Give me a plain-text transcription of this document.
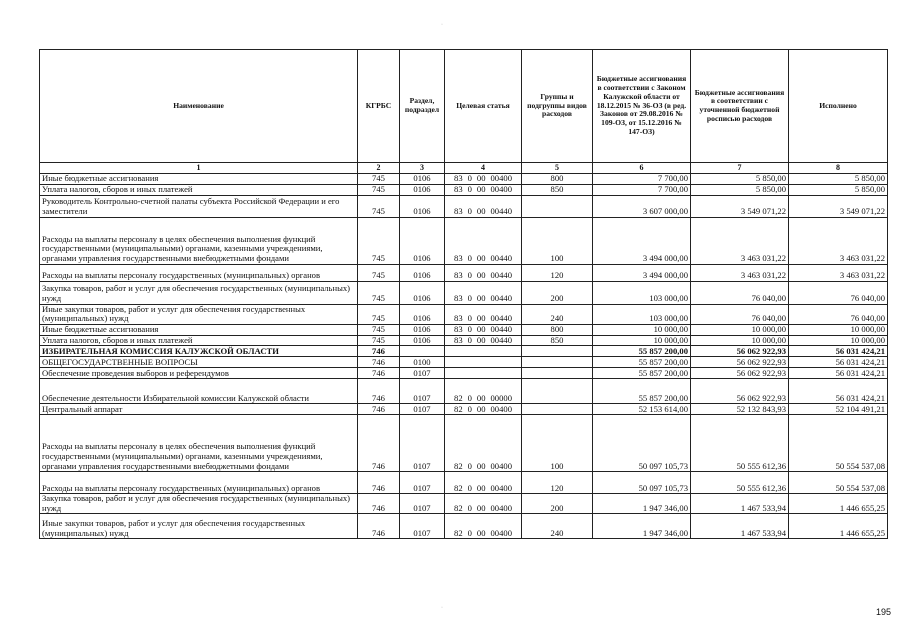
·
·
Наименование	КГРБС	Раздел, подраздел	Целевая статья	Группы и подгруппы видов расходов	Бюджетные ассигнования в соответствии с Законом Калужской области от 18.12.2015 № 36-ОЗ (в ред. Законов от 29.08.2016 № 109-ОЗ, от 15.12.2016 № 147-ОЗ)	Бюджетные ассигнования в соответствии с уточненной бюджетной росписью расходов	Исполнено
1	2	3	4	5	6	7	8
Иные бюджетные ассигнования	745	0106	83 0 00 00400	800	7 700,00	5 850,00	5 850,00
Уплата налогов, сборов и иных платежей	745	0106	83 0 00 00400	850	7 700,00	5 850,00	5 850,00
Руководитель Контрольно-счетной палаты субъекта Российской Федерации и его заместители	745	0106	83 0 00 00440		3 607 000,00	3 549 071,22	3 549 071,22
Расходы на выплаты персоналу в целях обеспечения выполнения функций государственными (муниципальными) органами, казенными учреждениями, органами управления государственными внебюджетными фондами	745	0106	83 0 00 00440	100	3 494 000,00	3 463 031,22	3 463 031,22
Расходы на выплаты персоналу государственных (муниципальных) органов	745	0106	83 0 00 00440	120	3 494 000,00	3 463 031,22	3 463 031,22
Закупка товаров, работ и услуг для обеспечения государственных (муниципальных) нужд	745	0106	83 0 00 00440	200	103 000,00	76 040,00	76 040,00
Иные закупки товаров, работ и услуг для обеспечения государственных (муниципальных) нужд	745	0106	83 0 00 00440	240	103 000,00	76 040,00	76 040,00
Иные бюджетные ассигнования	745	0106	83 0 00 00440	800	10 000,00	10 000,00	10 000,00
Уплата налогов, сборов и иных платежей	745	0106	83 0 00 00440	850	10 000,00	10 000,00	10 000,00
ИЗБИРАТЕЛЬНАЯ КОМИССИЯ КАЛУЖСКОЙ ОБЛАСТИ	746				55 857 200,00	56 062 922,93	56 031 424,21
ОБЩЕГОСУДАРСТВЕННЫЕ ВОПРОСЫ	746	0100			55 857 200,00	56 062 922,93	56 031 424,21
Обеспечение проведения выборов и референдумов	746	0107			55 857 200,00	56 062 922,93	56 031 424,21
Обеспечение деятельности Избирательной комиссии Калужской области	746	0107	82 0 00 00000		55 857 200,00	56 062 922,93	56 031 424,21
Центральный аппарат	746	0107	82 0 00 00400		52 153 614,00	52 132 843,93	52 104 491,21
Расходы на выплаты персоналу в целях обеспечения выполнения функций государственными (муниципальными) органами, казенными учреждениями, органами управления государственными внебюджетными фондами	746	0107	82 0 00 00400	100	50 097 105,73	50 555 612,36	50 554 537,08
Расходы на выплаты персоналу государственных (муниципальных) органов	746	0107	82 0 00 00400	120	50 097 105,73	50 555 612,36	50 554 537,08
Закупка товаров, работ и услуг для обеспечения государственных (муниципальных) нужд	746	0107	82 0 00 00400	200	1 947 346,00	1 467 533,94	1 446 655,25
Иные закупки товаров, работ и услуг для обеспечения государственных (муниципальных) нужд	746	0107	82 0 00 00400	240	1 947 346,00	1 467 533,94	1 446 655,25
195
